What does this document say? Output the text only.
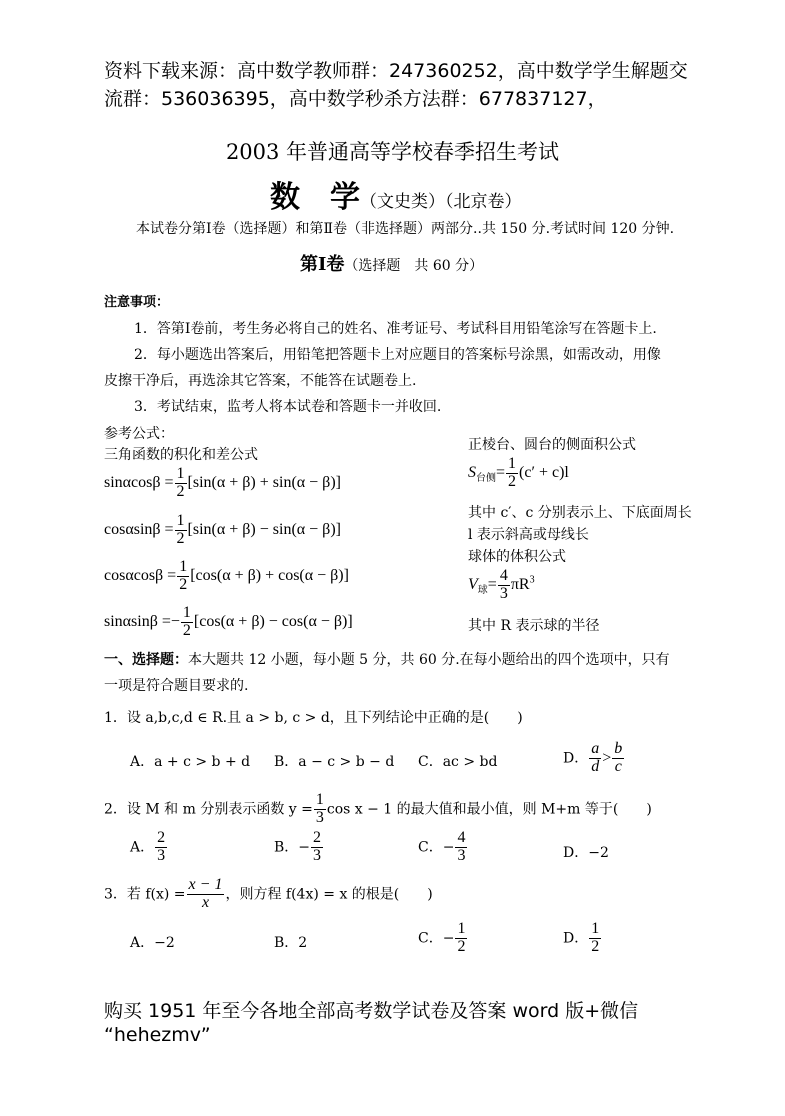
资料下载来源：高中数学教师群：247360252，高中数学学生解题交
流群：536036395，高中数学秒杀方法群：677837127，
2003 年普通高等学校春季招生考试
数　学（文史类）（北京卷）
本试卷分第Ⅰ卷（选择题）和第Ⅱ卷（非选择题）两部分..共 150 分.考试时间 120 分钟.
第Ⅰ卷（选择题　共 60 分）
注意事项：
1．答第Ⅰ卷前，考生务必将自己的姓名、准考证号、考试科目用铅笔涂写在答题卡上.
2．每小题选出答案后，用铅笔把答题卡上对应题目的答案标号涂黑，如需改动，用像
皮擦干净后，再选涂其它答案，不能答在试题卷上.
3．考试结束，监考人将本试卷和答题卡一并收回.
参考公式：
三角函数的积化和差公式
$\sin\alpha\cos\beta = \frac{1}{2} [\sin(\alpha + \beta) + \sin(\alpha - \beta)]$
$\cos\alpha\sin\beta = \frac{1}{2} [\sin(\alpha + \beta) - \sin(\alpha - \beta)]$
$\cos\alpha\cos\beta = \frac{1}{2} [\cos(\alpha + \beta) + \cos(\alpha - \beta)]$
$\sin\alpha\sin\beta =- \frac{1}{2} [\cos(\alpha + \beta) - \cos(\alpha - \beta)]$
正棱台、圆台的侧面积公式
$S_{台侧}= \frac{1}{2} (c' + c)l$
其中 c′、c 分别表示上、下底面周长
l 表示斜高或母线长
球体的体积公式
$V_球= \frac{4}{3} \pi R^3$
其中 R 表示球的半径
一、选择题：本大题共 12 小题，每小题 5 分，共 60 分.在每小题给出的四个选项中，只有
一项是符合题目要求的.
1．设 a,b,c,d ∈ R.且 a > b, c > d，且下列结论中正确的是(　　)
A．a + c > b + d B．a − c > b − d C．ac > bd	D． $\frac{a}{d} > \frac{b}{c}$
2．设 M 和 m 分别表示函数 $y = \frac{1}{3}$ cos x − 1 的最大值和最小值，则 M+m 等于(　　)
A． $\frac{2}{3}$	B．− $\frac{2}{3}$	C．− $\frac{4}{3}$	D．−2
3．若 $f(x) = \frac{x - 1}{x}$ ，则方程 f(4x) = x 的根是(　　)
A．−2	B．2	C．− $\frac{1}{2}$	D． $\frac{1}{2}$
购买 1951 年至今各地全部高考数学试卷及答案 word 版+微信
“hehezmv”
